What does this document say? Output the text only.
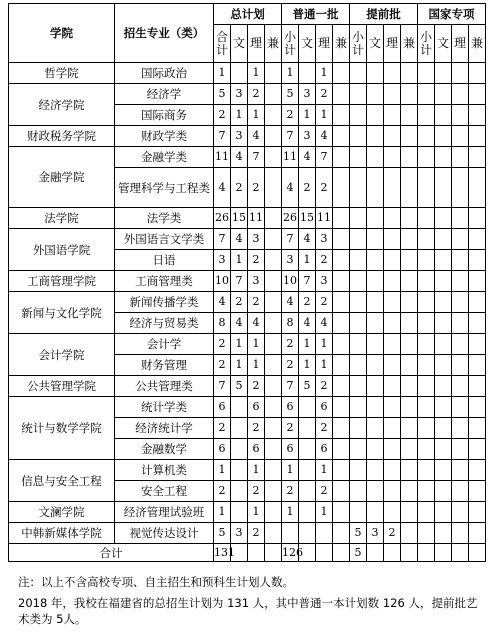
学院	招生专业（类）	总计划				普通一批				提前批				国家专项			
		合计	文	理	兼	小计	文	理	兼	小计	文	理	兼	小计	文	理	兼
哲学院	国际政治	1		1		1		1									
经济学院	经济学	5	3	2		5	3	2									
	国际商务	2	1	1		2	1	1									
财政税务学院	财政学类	7	3	4		7	3	4									
金融学院	金融学类	11	4	7		11	4	7									
	管理科学与工程类	4	2	2		4	2	2									
法学院	法学类	26	15	11		26	15	11									
外国语学院	外国语言文学类	7	4	3		7	4	3									
	日语	3	1	2		3	1	2									
工商管理学院	工商管理类	10	7	3		10	7	3									
新闻与文化学院	新闻传播学类	4	2	2		4	2	2									
	经济与贸易类	8	4	4		8	4	4									
会计学院	会计学	2	1	1		2	1	1									
	财务管理	2	1	1		2	1	1									
公共管理学院	公共管理类	7	5	2		7	5	2									
统计与数学学院	统计学类	6		6		6		6									
	经济统计学	2		2		2		2									
	金融数学	6		6		6		6									
信息与安全工程	计算机类	1		1		1		1									
	安全工程	2		2		2		2									
文澜学院	经济管理试验班	1		1		1		1									
中韩新媒体学院	视觉传达设计	5	3	2						5	3	2					
合计		131				126				5							

注：以上不含高校专项、自主招生和预科生计划人数。

2018 年，我校在福建省的总招生计划为 131 人，其中普通一本计划数 126 人，提前批艺术类为 5人。
